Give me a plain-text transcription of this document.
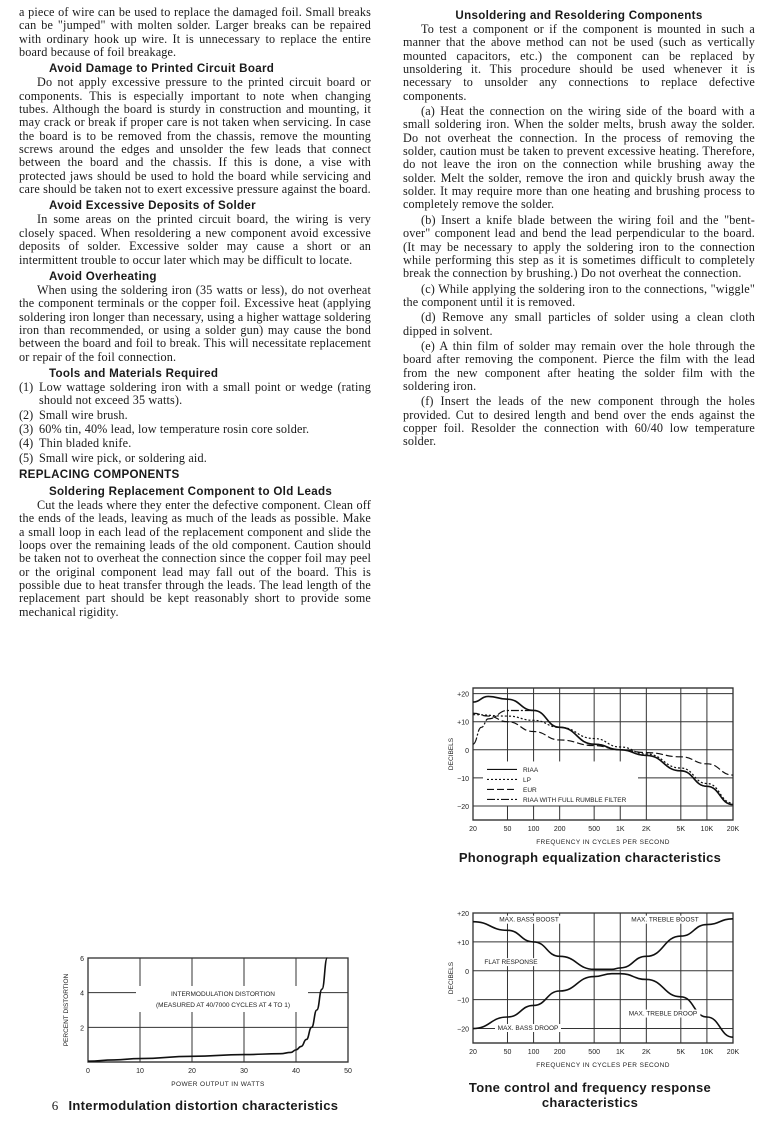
a piece of wire can be used to replace the damaged foil. Small breaks can be "jumped" with molten solder. Larger breaks can be repaired with ordinary hook up wire. It is unnecessary to replace the entire board because of foil breakage.

Avoid Damage to Printed Circuit Board

Do not apply excessive pressure to the printed circuit board or components. This is especially important to note when changing tubes. Although the board is sturdy in construction and mounting, it may crack or break if proper care is not taken when servicing. In case the board is to be removed from the chassis, remove the mounting screws around the edges and unsolder the few leads that connect between the board and the chassis. If this is done, a vise with protected jaws should be used to hold the board while servicing and care should be taken not to exert excessive pressure against the board.

Avoid Excessive Deposits of Solder

In some areas on the printed circuit board, the wiring is very closely spaced. When resoldering a new component avoid excessive deposits of solder. Excessive solder may cause a short or an intermittent trouble to occur later which may be difficult to locate.

Avoid Overheating

When using the soldering iron (35 watts or less), do not overheat the component terminals or the copper foil. Excessive heat (applying soldering iron longer than necessary, using a higher wattage soldering iron than recommended, or using a solder gun) may cause the bond between the board and foil to break. This will necessitate replacement or repair of the foil connection.

Tools and Materials Required
(1) Low wattage soldering iron with a small point or wedge (rating should not exceed 35 watts).
(2) Small wire brush.
(3) 60% tin, 40% lead, low temperature rosin core solder.
(4) Thin bladed knife.
(5) Small wire pick, or soldering aid.
REPLACING COMPONENTS
Soldering Replacement Component to Old Leads

Cut the leads where they enter the defective component. Clean off the ends of the leads, leaving as much of the leads as possible. Make a small loop in each lead of the replacement component and slide the loops over the remaining leads of the old component. Caution should be taken not to overheat the connection since the copper foil may peel or the original component lead may fall out of the board. This is possible due to heat transfer through the leads. The lead length of the replacement part should be kept reasonably short to provide some mechanical rigidity.

Unsoldering and Resoldering Components

To test a component or if the component is mounted in such a manner that the above method can not be used (such as vertically mounted capacitors, etc.) the component can be replaced by unsoldering it. This procedure should be used whenever it is necessary to unsolder any connections to replace defective components.

(a) Heat the connection on the wiring side of the board with a small soldering iron. When the solder melts, brush away the solder. Do not overheat the connection. In the process of removing the solder, caution must be taken to prevent excessive heating. Therefore, do not leave the iron on the connection while brushing away the solder. Melt the solder, remove the iron and quickly brush away the solder. It may require more than one heating and brushing process to completely remove the solder.

(b) Insert a knife blade between the wiring foil and the "bent-over" component lead and bend the lead perpendicular to the board. (It may be necessary to apply the soldering iron to the connection while performing this step as it is sometimes difficult to completely break the connection by brushing.) Do not overheat the connection.

(c) While applying the soldering iron to the connections, "wiggle" the component until it is removed.

(d) Remove any small particles of solder using a clean cloth dipped in solvent.

(e) A thin film of solder may remain over the hole through the board after removing the component. Pierce the film with the lead from the new component after heating the solder film with the soldering iron.

(f) Insert the leads of the new component through the holes provided. Cut to desired length and bend over the ends against the copper foil. Resolder the connection with 60/40 low temperature solder.

0	10	20	30	40	50
2
4
6
POWER OUTPUT IN WATTS
PERCENT DISTORTION	INTERMODULATION DISTORTION
(MEASURED AT 40/7000 CYCLES AT 4 TO 1)
6 Intermodulation distortion characteristics
20	50 100 200	500 1K	2K	5K 10K 20K
+20
+10
0
−10
−20
FREQUENCY IN CYCLES PER SECOND
DECIBELS
RIAA
LP
EUR
RIAA WITH FULL RUMBLE FILTER
Phonograph equalization characteristics
20	50 100 200	500 1K	2K	5K 10K 20K
+20
+10
0
−10
−20
FREQUENCY IN CYCLES PER SECOND
DECIBELS
MAX. BASS BOOST	MAX. TREBLE BOOST
FLAT RESPONSE
MAX. TREBLE DROOP
MAX. BASS DROOP
Tone control and frequency response characteristics
